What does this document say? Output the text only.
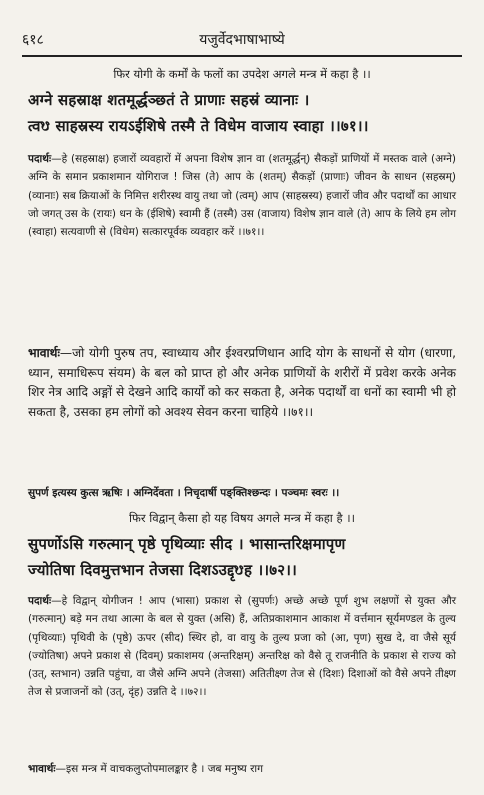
६१८	यजुर्वेदभाषाभाष्ये
फिर योगी के कर्मों के फलों का उपदेश अगले मन्त्र में कहा है ।।
अग्ने सहस्राक्ष शतमूर्द्धञ्छतं ते प्राणाः सहस्रं व्यानाः ।
त्वᳪ साहस्रस्य रायऽईशिषे तस्मै ते विधेम वाजाय स्वाहा ।।७१।।

पदार्थः—हे (सहस्राक्ष) हजारों व्यवहारों में अपना विशेष ज्ञान वा (शतमूर्द्धन्) सैकड़ों प्राणियों में मस्तक वाले (अग्ने) अग्नि के समान प्रकाशमान योगिराज ! जिस (ते) आप के (शतम्) सैकड़ों (प्राणाः) जीवन के साधन (सहस्रम्) (व्यानाः) सब क्रियाओं के निमित्त शरीरस्थ वायु तथा जो (त्वम्) आप (साहस्रस्य) हजारों जीव और पदार्थों का आधार जो जगत् उस के (रायः) धन के (ईशिषे) स्वामी हैं (तस्मै) उस (वाजाय) विशेष ज्ञान वाले (ते) आप के लिये हम लोग (स्वाहा) सत्यवाणी से (विधेम) सत्कारपूर्वक व्यवहार करें ।।७१।।

भावार्थः—जो योगी पुरुष तप, स्वाध्याय और ईश्वरप्रणिधान आदि योग के साधनों से योग (धारणा, ध्यान, समाधिरूप संयम) के बल को प्राप्त हो और अनेक प्राणियों के शरीरों में प्रवेश करके अनेक शिर नेत्र आदि अङ्गों से देखने आदि कार्यों को कर सकता है, अनेक पदार्थों वा धनों का स्वामी भी हो सकता है, उसका हम लोगों को अवश्य सेवन करना चाहिये ।।७१।।

सुपर्ण इत्यस्य कुत्स ऋषिः । अग्निर्देवता । निचृदार्षी पङ्क्तिश्छन्दः । पञ्चमः स्वरः ।।
फिर विद्वान् कैसा हो यह विषय अगले मन्त्र में कहा है ।।
सुपर्णोऽसि गरुत्मान् पृष्ठे पृथिव्याः सीद । भासान्तरिक्षमापृण
ज्योतिषा दिवमुत्तभान तेजसा दिशऽउद्दृᳪह ।।७२।।

पदार्थः—हे विद्वान् योगीजन ! आप (भासा) प्रकाश से (सुपर्णः) अच्छे अच्छे पूर्ण शुभ लक्षणों से युक्त और (गरुत्मान्) बड़े मन तथा आत्मा के बल से युक्त (असि) हैं, अतिप्रकाशमान आकाश में वर्त्तमान सूर्यमण्डल के तुल्य (पृथिव्याः) पृथिवी के (पृष्ठे) ऊपर (सीद) स्थिर हो, वा वायु के तुल्य प्रजा को (आ, पृण) सुख दे, वा जैसे सूर्य (ज्योतिषा) अपने प्रकाश से (दिवम्) प्रकाशमय (अन्तरिक्षम्) अन्तरिक्ष को वैसे तू राजनीति के प्रकाश से राज्य को (उत्, स्तभान) उन्नति पहुंचा, वा जैसे अग्नि अपने (तेजसा) अतितीक्ष्ण तेज से (दिशः) दिशाओं को वैसे अपने तीक्ष्ण तेज से प्रजाजनों को (उत्, दृंह) उन्नति दे ।।७२।।

भावार्थः—इस मन्त्र में वाचकलुप्तोपमालङ्कार है । जब मनुष्य राग
